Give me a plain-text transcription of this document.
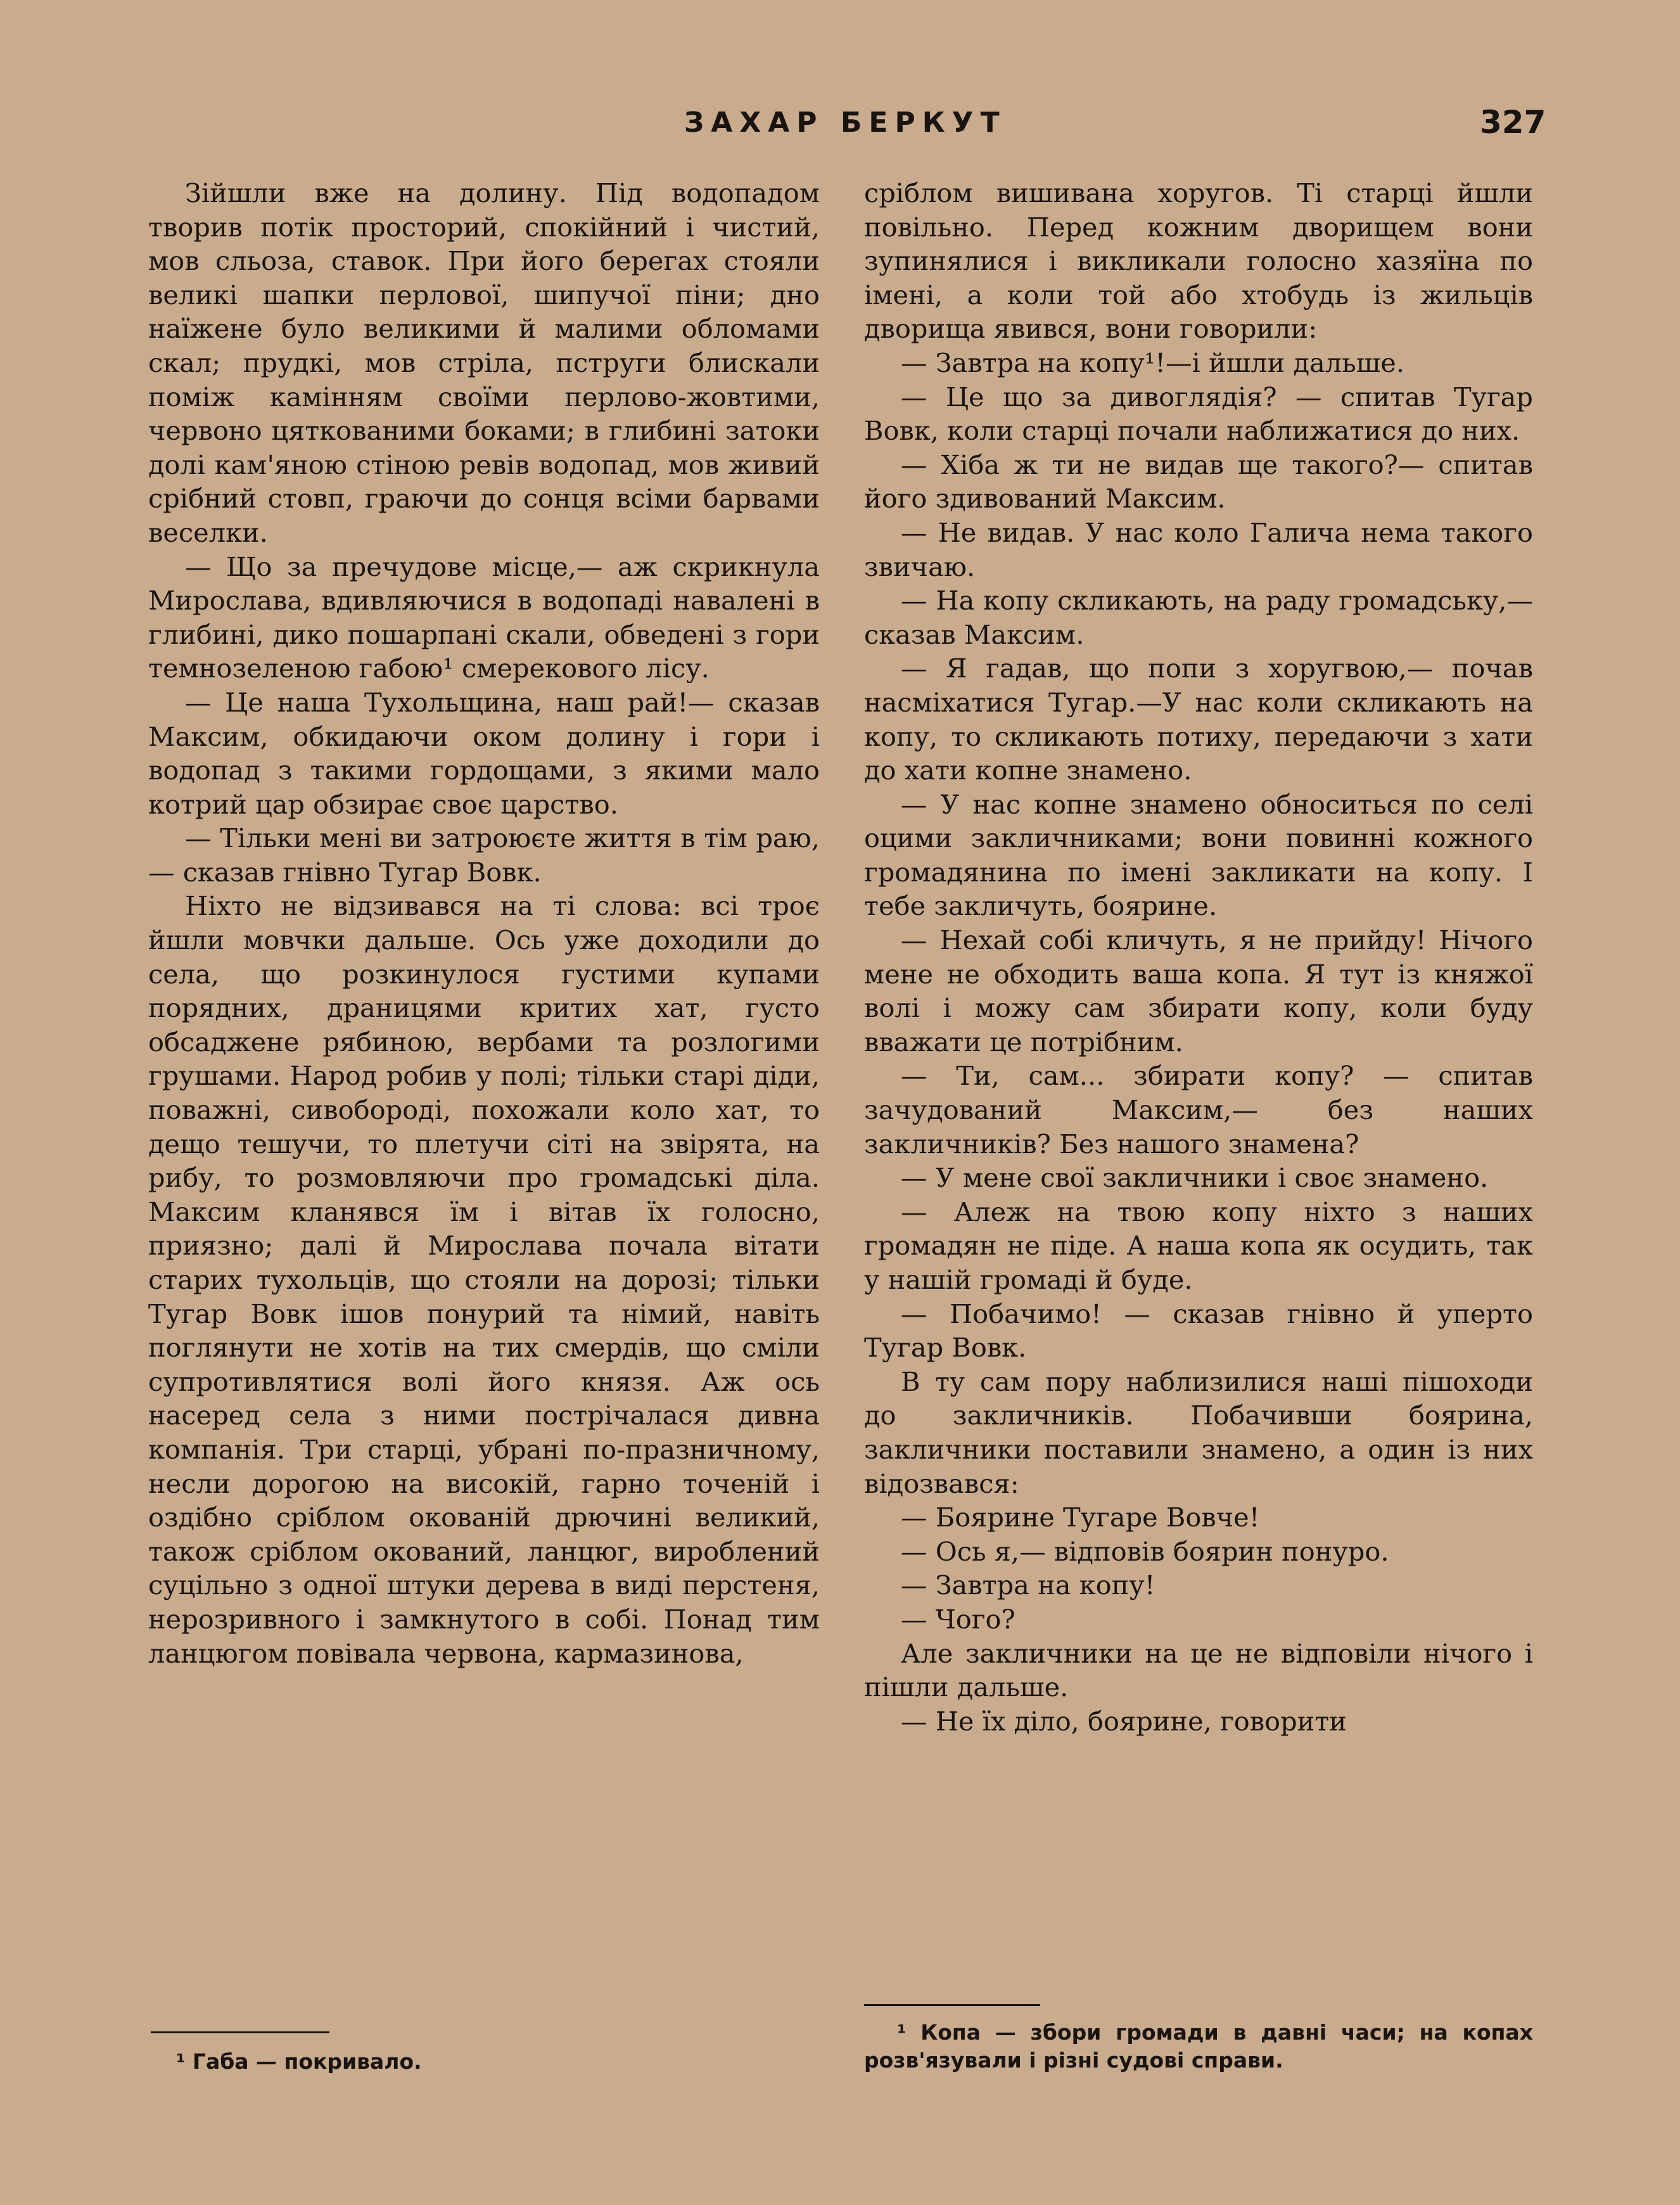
ЗАХАР БЕРКУТ	327

Зійшли вже на долину. Під водопадом творив потік просторий, спокійний і чистий, мов сльоза, ставок. При його берегах стояли великі шапки перлової, шипучої піни; дно наїжене було великими й малими обломами скал; прудкі, мов стріла, пструги блискали поміж камінням своїми перлово-жовтими, червоно цяткованими боками; в глибині затоки долі кам'яною стіною ревів водопад, мов живий срібний стовп, граючи до сонця всіми барвами веселки.

— Що за пречудове місце,— аж скрикнула Мирослава, вдивляючися в водопаді навалені в глибині, дико пошарпані скали, обведені з гори темнозеленою габою¹ смерекового лісу.

— Це наша Тухольщина, наш рай!— сказав Максим, обкидаючи оком долину і гори і водопад з такими гордощами, з якими мало котрий цар обзирає своє царство.

— Тільки мені ви затроюєте життя в тім раю,— сказав гнівно Тугар Вовк.

Ніхто не відзивався на ті слова: всі троє йшли мовчки дальше. Ось уже доходили до села, що розкинулося густими купами порядних, драницями критих хат, густо обсаджене рябиною, вербами та розлогими грушами. Народ робив у полі; тільки старі діди, поважні, сивобороді, похожали коло хат, то дещо тешучи, то плетучи сіті на звірята, на рибу, то розмовляючи про громадські діла. Максим кланявся їм і вітав їх голосно, приязно; далі й Мирослава почала вітати старих тухольців, що стояли на дорозі; тільки Тугар Вовк ішов понурий та німий, навіть поглянути не хотів на тих смердів, що сміли супротивлятися волі його князя. Аж ось насеред села з ними пострічалася дивна компанія. Три старці, убрані по-празничному, несли дорогою на високій, гарно точеній і оздібно сріблом окованій дрючині великий, також сріблом окований, ланцюг, вироблений суцільно з одної штуки дерева в виді перстеня, нерозривного і замкнутого в собі. Понад тим ланцюгом повівала червона, кармазинова,

сріблом вишивана хоругов. Ті старці йшли повільно. Перед кожним дворищем вони зупинялися і викликали голосно хазяїна по імені, а коли той або хтобудь із жильців дворища явився, вони говорили:

— Завтра на копу¹!—і йшли дальше.

— Це що за дивоглядія? — спитав Тугар Вовк, коли старці почали наближатися до них.

— Хіба ж ти не видав ще такого?— спитав його здивований Максим.

— Не видав. У нас коло Галича нема такого звичаю.

— На копу скликають, на раду громадську,— сказав Максим.

— Я гадав, що попи з хоругвою,— почав насміхатися Тугар.—У нас коли скликають на копу, то скликають потиху, передаючи з хати до хати копне знамено.

— У нас копне знамено обноситься по селі оцими закличниками; вони повинні кожного громадянина по імені закликати на копу. І тебе закличуть, боярине.

— Нехай собі кличуть, я не прийду! Нічого мене не обходить ваша копа. Я тут із княжої волі і можу сам збирати копу, коли буду вважати це потрібним.

— Ти, сам... збирати копу? — спитав зачудований Максим,— без наших закличників? Без нашого знамена?

— У мене свої закличники і своє знамено.

— Алеж на твою копу ніхто з наших громадян не піде. А наша копа як осудить, так у нашій громаді й буде.

— Побачимо! — сказав гнівно й уперто Тугар Вовк.

В ту сам пору наблизилися наші пішоходи до закличників. Побачивши боярина, закличники поставили знамено, а один із них відозвався:

— Боярине Тугаре Вовче!

— Ось я,— відповів боярин понуро.

— Завтра на копу!

— Чого?

Але закличники на це не відповіли нічого і пішли дальше.

— Не їх діло, боярине, говорити

¹ Габа — покривало.
¹ Копа — збори громади в давні часи; на копах розв'язували і різні судові справи.
